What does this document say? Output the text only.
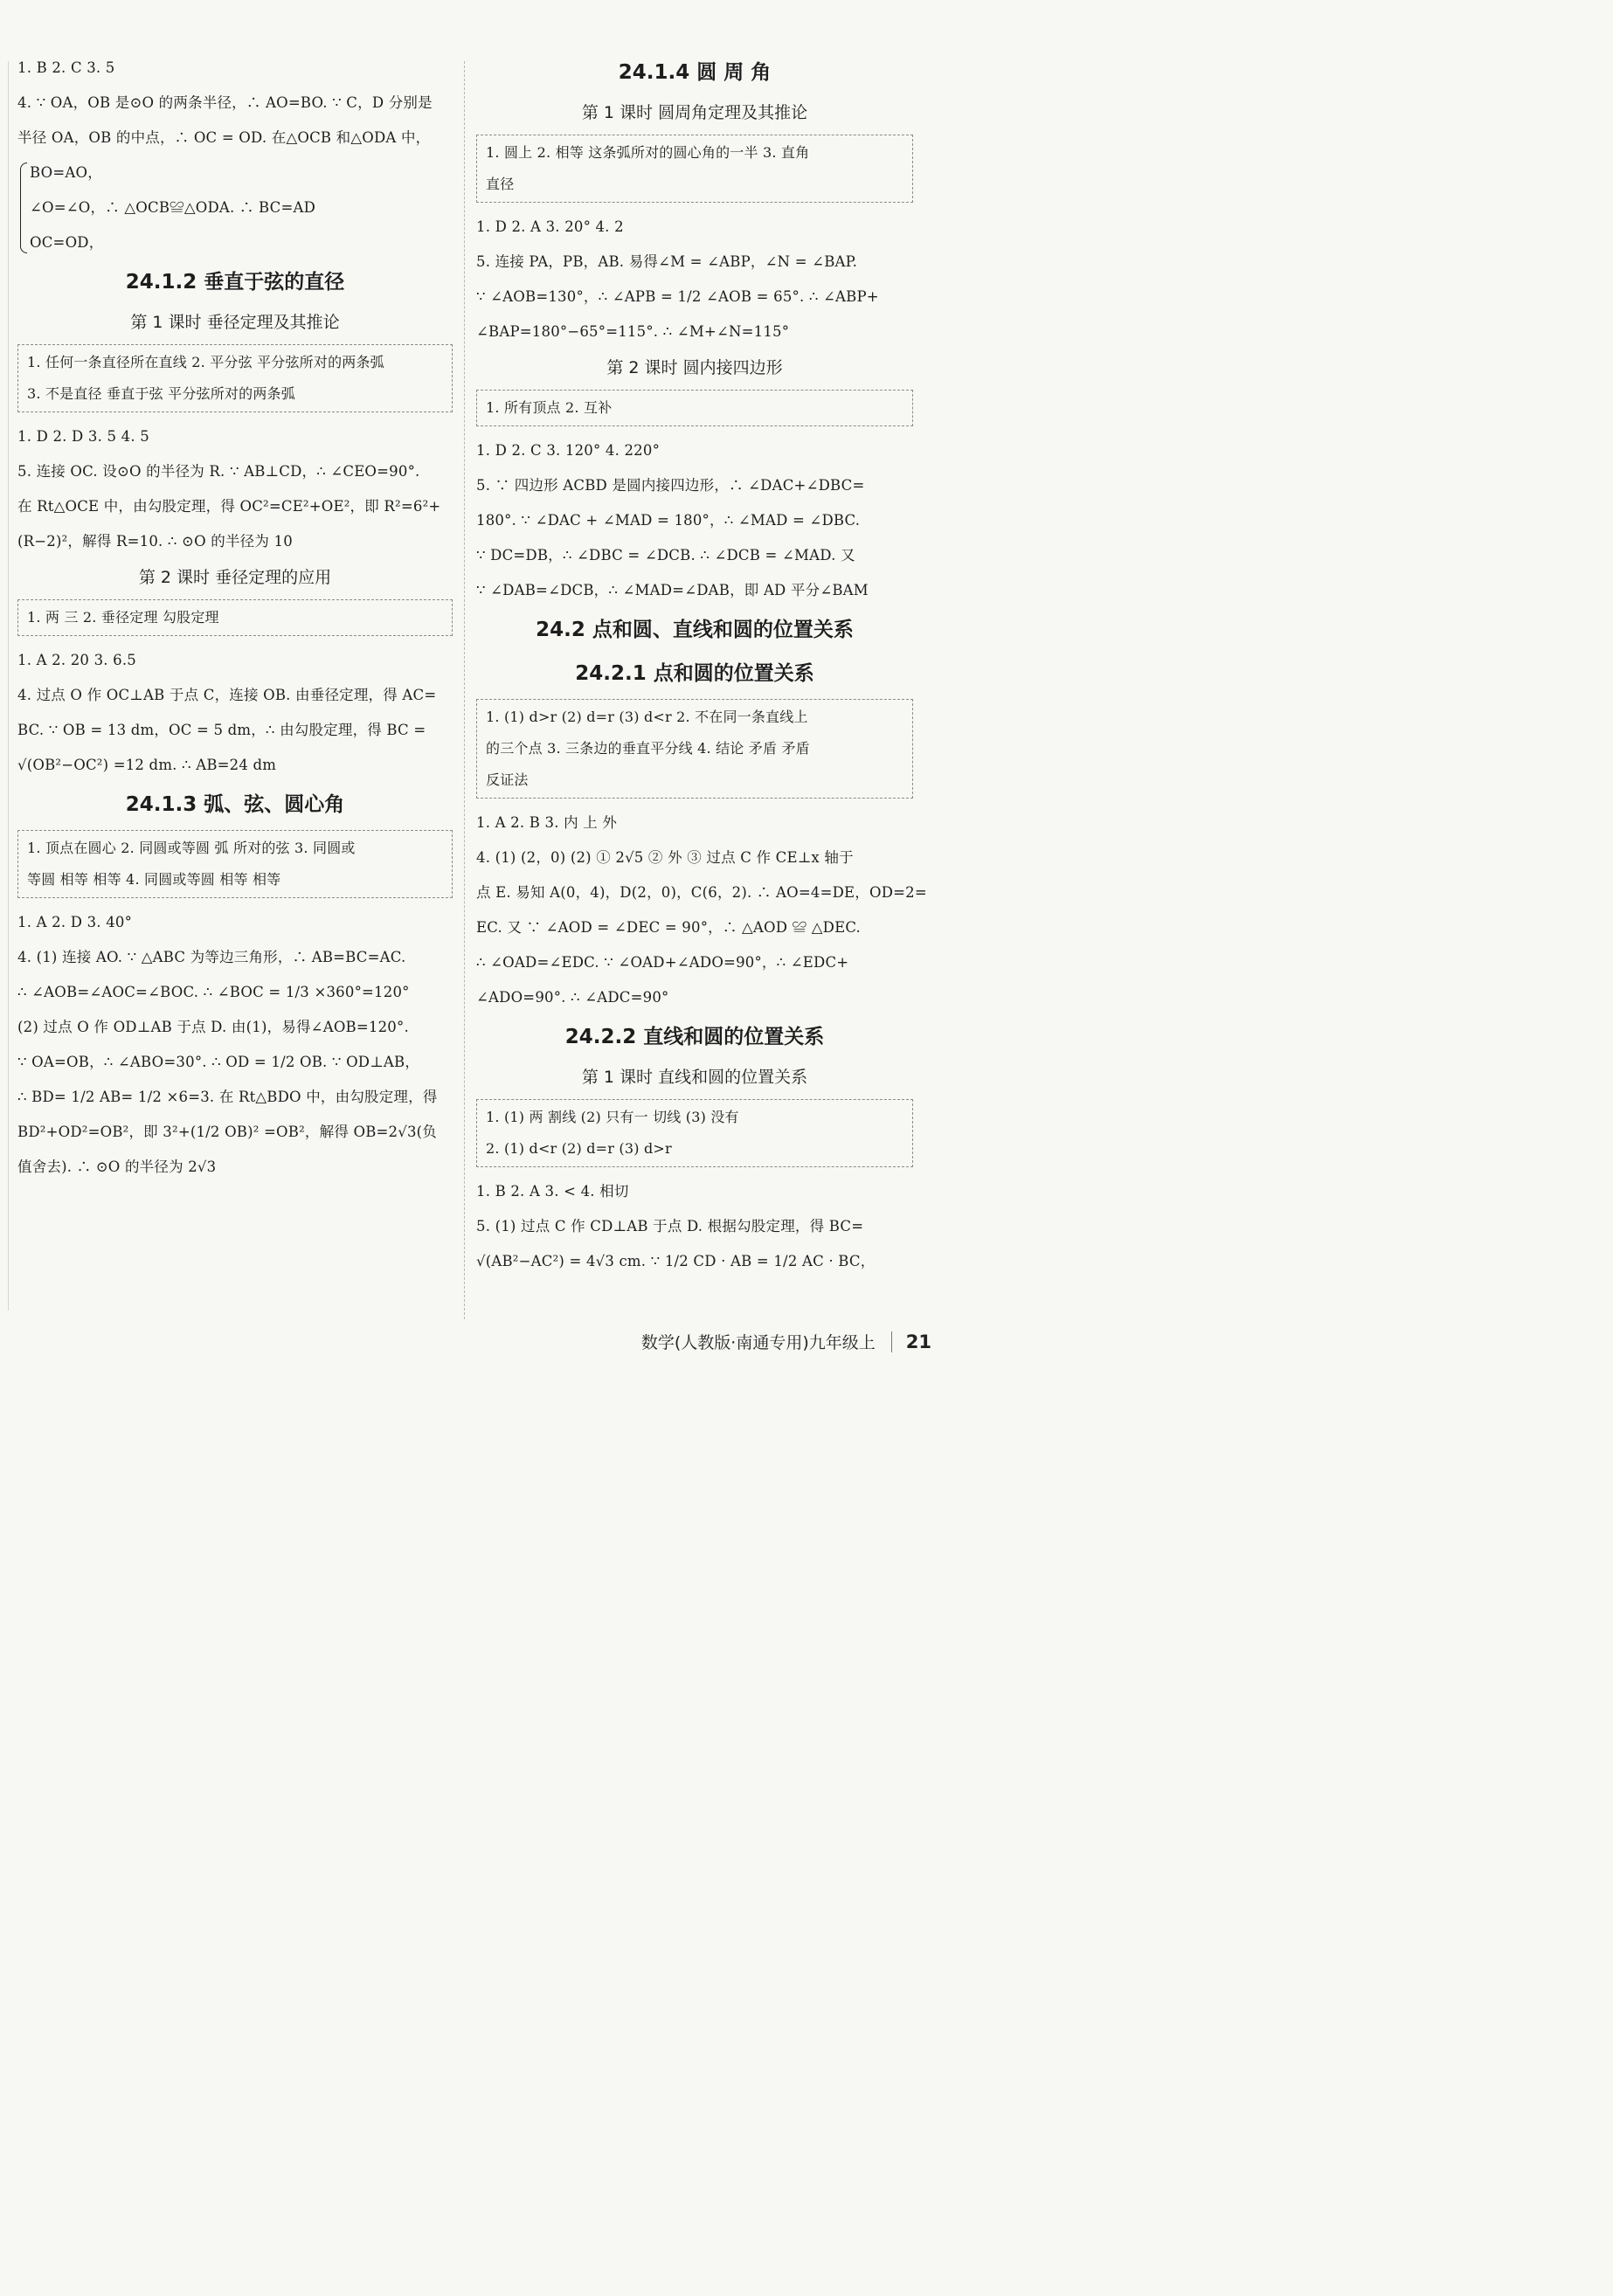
1. B 2. C 3. 5
4. ∵ OA，OB 是⊙O 的两条半径，∴ AO=BO. ∵ C，D 分别是
半径 OA，OB 的中点，∴ OC = OD. 在△OCB 和△ODA 中，
BO=AO，
∠O=∠O，∴ △OCB≌△ODA. ∴ BC=AD
OC=OD，
24.1.2 垂直于弦的直径
第 1 课时 垂径定理及其推论
1. 任何一条直径所在直线 2. 平分弦 平分弦所对的两条弧
3. 不是直径 垂直于弦 平分弦所对的两条弧
1. D 2. D 3. 5 4. 5
5. 连接 OC. 设⊙O 的半径为 R. ∵ AB⊥CD，∴ ∠CEO=90°.
在 Rt△OCE 中，由勾股定理，得 OC²=CE²+OE²，即 R²=6²+
(R−2)²，解得 R=10. ∴ ⊙O 的半径为 10
第 2 课时 垂径定理的应用
1. 两 三 2. 垂径定理 勾股定理
1. A 2. 20 3. 6.5
4. 过点 O 作 OC⊥AB 于点 C，连接 OB. 由垂径定理，得 AC=
BC. ∵ OB = 13 dm，OC = 5 dm，∴ 由勾股定理，得 BC =
√(OB²−OC²) =12 dm. ∴ AB=24 dm
24.1.3 弧、弦、圆心角
1. 顶点在圆心 2. 同圆或等圆 弧 所对的弦 3. 同圆或
等圆 相等 相等 4. 同圆或等圆 相等 相等
1. A 2. D 3. 40°
4. (1) 连接 AO. ∵ △ABC 为等边三角形，∴ AB=BC=AC.
∴ ∠AOB=∠AOC=∠BOC. ∴ ∠BOC = 1/3 ×360°=120°
(2) 过点 O 作 OD⊥AB 于点 D. 由(1)，易得∠AOB=120°.
∵ OA=OB，∴ ∠ABO=30°. ∴ OD = 1/2 OB. ∵ OD⊥AB，
∴ BD= 1/2 AB= 1/2 ×6=3. 在 Rt△BDO 中，由勾股定理，得
BD²+OD²=OB²，即 3²+(1/2 OB)² =OB²，解得 OB=2√3(负
值舍去). ∴ ⊙O 的半径为 2√3
24.1.4 圆 周 角
第 1 课时 圆周角定理及其推论
1. 圆上 2. 相等 这条弧所对的圆心角的一半 3. 直角
直径
1. D 2. A 3. 20° 4. 2
5. 连接 PA，PB，AB. 易得∠M = ∠ABP，∠N = ∠BAP.
∵ ∠AOB=130°，∴ ∠APB = 1/2 ∠AOB = 65°. ∴ ∠ABP+
∠BAP=180°−65°=115°. ∴ ∠M+∠N=115°
第 2 课时 圆内接四边形
1. 所有顶点 2. 互补
1. D 2. C 3. 120° 4. 220°
5. ∵ 四边形 ACBD 是圆内接四边形，∴ ∠DAC+∠DBC=
180°. ∵ ∠DAC + ∠MAD = 180°，∴ ∠MAD = ∠DBC.
∵ DC=DB，∴ ∠DBC = ∠DCB. ∴ ∠DCB = ∠MAD. 又
∵ ∠DAB=∠DCB，∴ ∠MAD=∠DAB，即 AD 平分∠BAM
24.2 点和圆、直线和圆的位置关系
24.2.1 点和圆的位置关系
1. (1) d>r (2) d=r (3) d<r 2. 不在同一条直线上
的三个点 3. 三条边的垂直平分线 4. 结论 矛盾 矛盾
反证法
1. A 2. B 3. 内 上 外
4. (1) (2，0) (2) ① 2√5 ② 外 ③ 过点 C 作 CE⊥x 轴于
点 E. 易知 A(0，4)，D(2，0)，C(6，2). ∴ AO=4=DE，OD=2=
EC. 又 ∵ ∠AOD = ∠DEC = 90°，∴ △AOD ≌ △DEC.
∴ ∠OAD=∠EDC. ∵ ∠OAD+∠ADO=90°，∴ ∠EDC+
∠ADO=90°. ∴ ∠ADC=90°
24.2.2 直线和圆的位置关系
第 1 课时 直线和圆的位置关系
1. (1) 两 割线 (2) 只有一 切线 (3) 没有
2. (1) d<r (2) d=r (3) d>r
1. B 2. A 3. < 4. 相切
5. (1) 过点 C 作 CD⊥AB 于点 D. 根据勾股定理，得 BC=
√(AB²−AC²) = 4√3 cm. ∵ 1/2 CD · AB = 1/2 AC · BC，
数学(人教版·南通专用)九年级上 21
